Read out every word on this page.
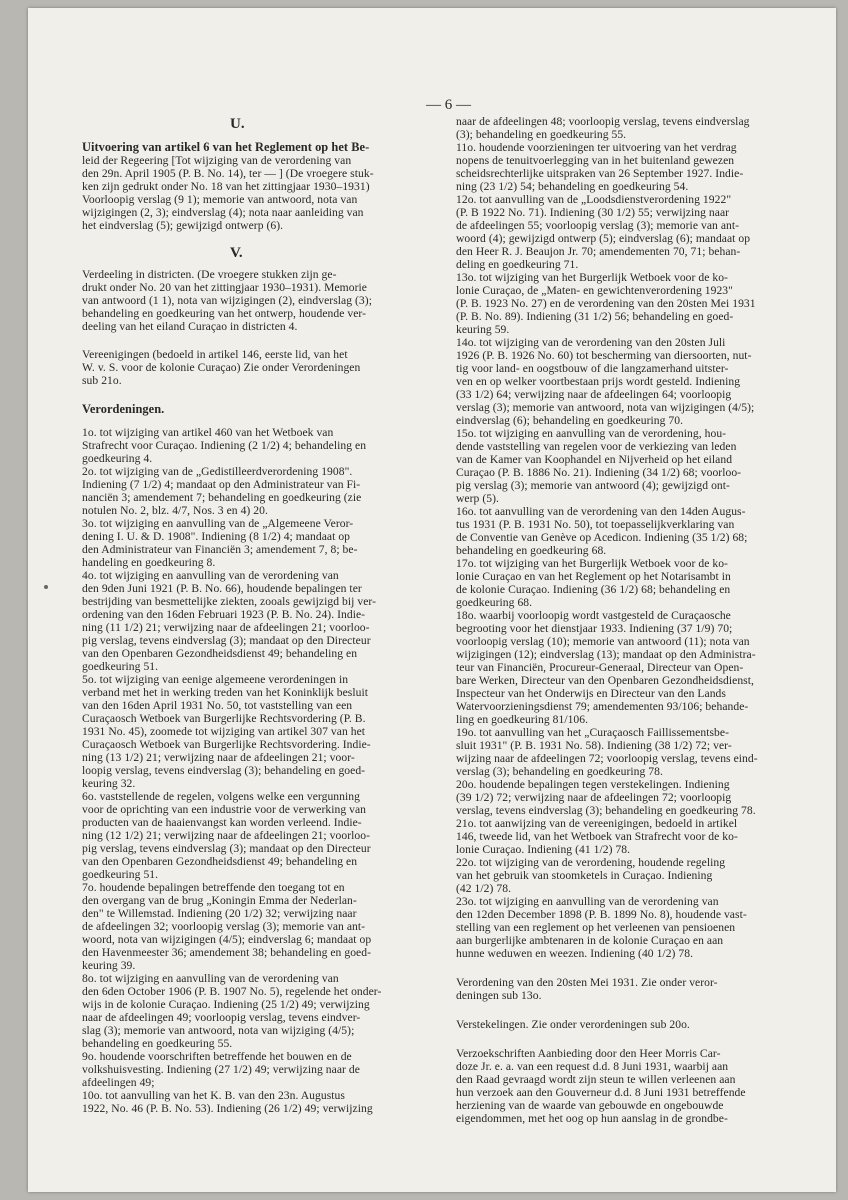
— 6 —
U.
V.
Uitvoering van artikel 6 van het Reglement op het Be-
leid der Regeering [Tot wijziging van de verordening van
den 29n. April 1905 (P. B. No. 14), ter — ] (De vroegere stuk-
ken zijn gedrukt onder No. 18 van het zittingjaar 1930–1931)
Voorloopig verslag (9 1); memorie van antwoord, nota van
wijzigingen (2, 3); eindverslag (4); nota naar aanleiding van
het eindverslag (5); gewijzigd ontwerp (6).
Verdeeling in districten. (De vroegere stukken zijn ge-
drukt onder No. 20 van het zittingjaar 1930–1931). Memorie
van antwoord (1 1), nota van wijzigingen (2), eindverslag (3);
behandeling en goedkeuring van het ontwerp, houdende ver-
deeling van het eiland Curaçao in districten 4.
Vereenigingen (bedoeld in artikel 146, eerste lid, van het
W. v. S. voor de kolonie Curaçao) Zie onder Verordeningen
sub 21o.
Verordeningen.
1o. tot wijziging van artikel 460 van het Wetboek van
Strafrecht voor Curaçao. Indiening (2 1/2) 4; behandeling en
goedkeuring 4.
2o. tot wijziging van de „Gedistilleerdverordening 1908".
Indiening (7 1/2) 4; mandaat op den Administrateur van Fi-
nanciën 3; amendement 7; behandeling en goedkeuring (zie
notulen No. 2, blz. 4/7, Nos. 3 en 4) 20.
3o. tot wijziging en aanvulling van de „Algemeene Veror-
dening I. U. & D. 1908". Indiening (8 1/2) 4; mandaat op
den Administrateur van Financiën 3; amendement 7, 8; be-
handeling en goedkeuring 8.
4o. tot wijziging en aanvulling van de verordening van
den 9den Juni 1921 (P. B. No. 66), houdende bepalingen ter
bestrijding van besmettelijke ziekten, zooals gewijzigd bij ver-
ordening van den 16den Februari 1923 (P. B. No. 24). Indie-
ning (11 1/2) 21; verwijzing naar de afdeelingen 21; voorloo-
pig verslag, tevens eindverslag (3); mandaat op den Directeur
van den Openbaren Gezondheidsdienst 49; behandeling en
goedkeuring 51.
5o. tot wijziging van eenige algemeene verordeningen in
verband met het in werking treden van het Koninklijk besluit
van den 16den April 1931 No. 50, tot vaststelling van een
Curaçaosch Wetboek van Burgerlijke Rechtsvordering (P. B.
1931 No. 45), zoomede tot wijziging van artikel 307 van het
Curaçaosch Wetboek van Burgerlijke Rechtsvordering. Indie-
ning (13 1/2) 21; verwijzing naar de afdeelingen 21; voor-
loopig verslag, tevens eindverslag (3); behandeling en goed-
keuring 32.
6o. vaststellende de regelen, volgens welke een vergunning
voor de oprichting van een industrie voor de verwerking van
producten van de haaienvangst kan worden verleend. Indie-
ning (12 1/2) 21; verwijzing naar de afdeelingen 21; voorloo-
pig verslag, tevens eindverslag (3); mandaat op den Directeur
van den Openbaren Gezondheidsdienst 49; behandeling en
goedkeuring 51.
7o. houdende bepalingen betreffende den toegang tot en
den overgang van de brug „Koningin Emma der Nederlan-
den" te Willemstad. Indiening (20 1/2) 32; verwijzing naar
de afdeelingen 32; voorloopig verslag (3); memorie van ant-
woord, nota van wijzigingen (4/5); eindverslag 6; mandaat op
den Havenmeester 36; amendement 38; behandeling en goed-
keuring 39.
8o. tot wijziging en aanvulling van de verordening van
den 6den October 1906 (P. B. 1907 No. 5), regelende het onder-
wijs in de kolonie Curaçao. Indiening (25 1/2) 49; verwijzing
naar de afdeelingen 49; voorloopig verslag, tevens eindver-
slag (3); memorie van antwoord, nota van wijziging (4/5);
behandeling en goedkeuring 55.
9o. houdende voorschriften betreffende het bouwen en de
volkshuisvesting. Indiening (27 1/2) 49; verwijzing naar de
afdeelingen 49;
10o. tot aanvulling van het K. B. van den 23n. Augustus
1922, No. 46 (P. B. No. 53). Indiening (26 1/2) 49; verwijzing
naar de afdeelingen 48; voorloopig verslag, tevens eindverslag
(3); behandeling en goedkeuring 55.
11o. houdende voorzieningen ter uitvoering van het verdrag
nopens de tenuitvoerlegging van in het buitenland gewezen
scheidsrechterlijke uitspraken van 26 September 1927. Indie-
ning (23 1/2) 54; behandeling en goedkeuring 54.
12o. tot aanvulling van de „Loodsdienstverordening 1922"
(P. B 1922 No. 71). Indiening (30 1/2) 55; verwijzing naar
de afdeelingen 55; voorloopig verslag (3); memorie van ant-
woord (4); gewijzigd ontwerp (5); eindverslag (6); mandaat op
den Heer R. J. Beaujon Jr. 70; amendementen 70, 71; behan-
deling en goedkeuring 71.
13o. tot wijziging van het Burgerlijk Wetboek voor de ko-
lonie Curaçao, de „Maten- en gewichtenverordening 1923"
(P. B. 1923 No. 27) en de verordening van den 20sten Mei 1931
(P. B. No. 89). Indiening (31 1/2) 56; behandeling en goed-
keuring 59.
14o. tot wijziging van de verordening van den 20sten Juli
1926 (P. B. 1926 No. 60) tot bescherming van diersoorten, nut-
tig voor land- en oogstbouw of die langzamerhand uitster-
ven en op welker voortbestaan prijs wordt gesteld. Indiening
(33 1/2) 64; verwijzing naar de afdeelingen 64; voorloopig
verslag (3); memorie van antwoord, nota van wijzigingen (4/5);
eindverslag (6); behandeling en goedkeuring 70.
15o. tot wijziging en aanvulling van de verordening, hou-
dende vaststelling van regelen voor de verkiezing van leden
van de Kamer van Koophandel en Nijverheid op het eiland
Curaçao (P. B. 1886 No. 21). Indiening (34 1/2) 68; voorloo-
pig verslag (3); memorie van antwoord (4); gewijzigd ont-
werp (5).
16o. tot aanvulling van de verordening van den 14den Augus-
tus 1931 (P. B. 1931 No. 50), tot toepasselijkverklaring van
de Conventie van Genève op Acedicon. Indiening (35 1/2) 68;
behandeling en goedkeuring 68.
17o. tot wijziging van het Burgerlijk Wetboek voor de ko-
lonie Curaçao en van het Reglement op het Notarisambt in
de kolonie Curaçao. Indiening (36 1/2) 68; behandeling en
goedkeuring 68.
18o. waarbij voorloopig wordt vastgesteld de Curaçaosche
begrooting voor het dienstjaar 1933. Indiening (37 1/9) 70;
voorloopig verslag (10); memorie van antwoord (11); nota van
wijzigingen (12); eindverslag (13); mandaat op den Administra-
teur van Financiën, Procureur-Generaal, Directeur van Open-
bare Werken, Directeur van den Openbaren Gezondheidsdienst,
Inspecteur van het Onderwijs en Directeur van den Lands
Watervoorzieningsdienst 79; amendementen 93/106; behande-
ling en goedkeuring 81/106.
19o. tot aanvulling van het „Curaçaosch Faillissementsbe-
sluit 1931" (P. B. 1931 No. 58). Indiening (38 1/2) 72; ver-
wijzing naar de afdeelingen 72; voorloopig verslag, tevens eind-
verslag (3); behandeling en goedkeuring 78.
20o. houdende bepalingen tegen verstekelingen. Indiening
(39 1/2) 72; verwijzing naar de afdeelingen 72; voorloopig
verslag, tevens eindverslag (3); behandeling en goedkeuring 78.
21o. tot aanwijzing van de vereenigingen, bedoeld in artikel
146, tweede lid, van het Wetboek van Strafrecht voor de ko-
lonie Curaçao. Indiening (41 1/2) 78.
22o. tot wijziging van de verordening, houdende regeling
van het gebruik van stoomketels in Curaçao. Indiening
(42 1/2) 78.
23o. tot wijziging en aanvulling van de verordening van
den 12den December 1898 (P. B. 1899 No. 8), houdende vast-
stelling van een reglement op het verleenen van pensioenen
aan burgerlijke ambtenaren in de kolonie Curaçao en aan
hunne weduwen en weezen. Indiening (40 1/2) 78.
Verordening van den 20sten Mei 1931. Zie onder veror-
deningen sub 13o.
Verstekelingen. Zie onder verordeningen sub 20o.
Verzoekschriften Aanbieding door den Heer Morris Car-
doze Jr. e. a. van een request d.d. 8 Juni 1931, waarbij aan
den Raad gevraagd wordt zijn steun te willen verleenen aan
hun verzoek aan den Gouverneur d.d. 8 Juni 1931 betreffende
herziening van de waarde van gebouwde en ongebouwde
eigendommen, met het oog op hun aanslag in de grondbe-
